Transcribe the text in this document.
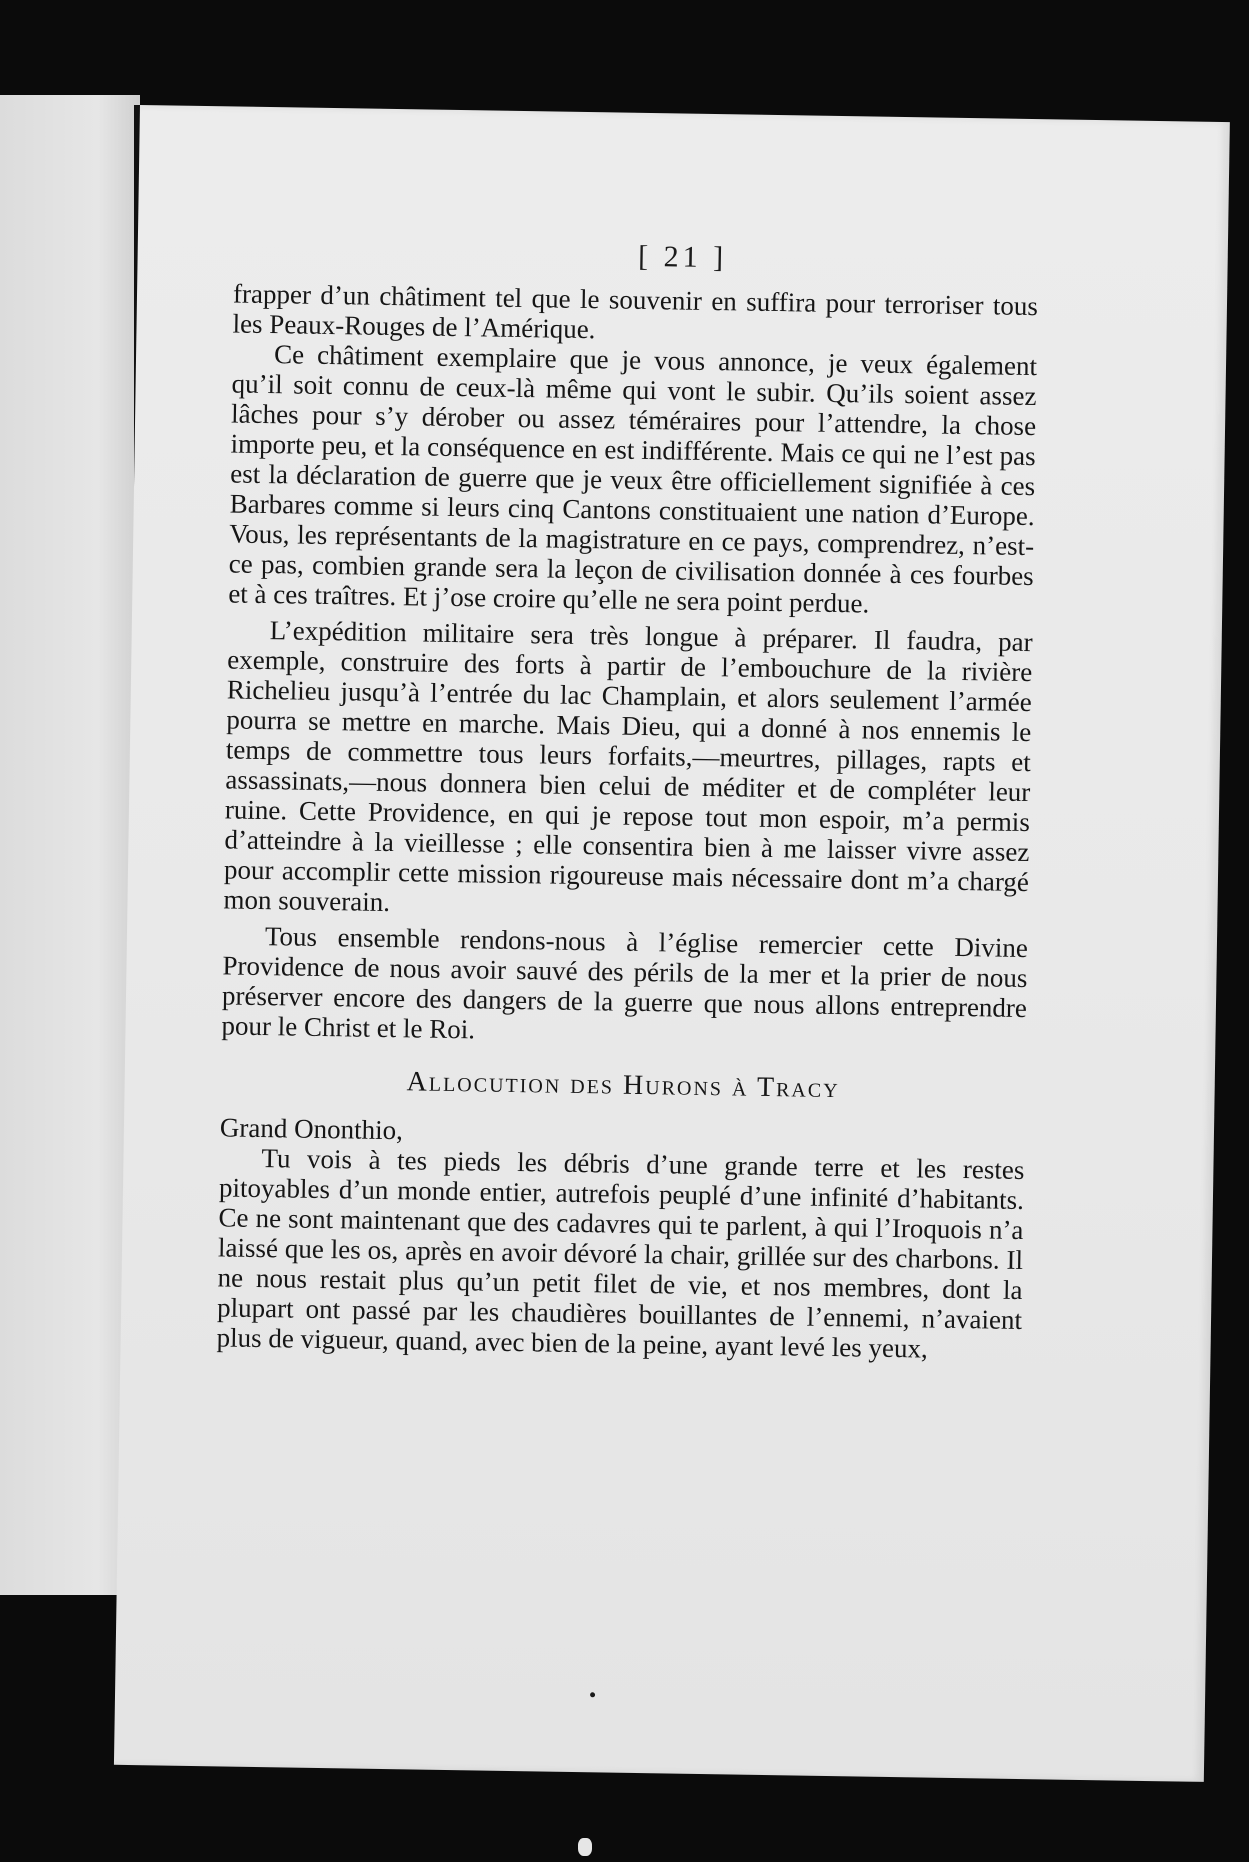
[ 21 ]

frapper d’un châtiment tel que le souvenir en suffira pour terroriser tous les Peaux-Rouges de l’Amérique.

Ce châtiment exemplaire que je vous annonce, je veux également qu’il soit connu de ceux-là même qui vont le subir. Qu’ils soient assez lâches pour s’y dérober ou assez téméraires pour l’attendre, la chose importe peu, et la conséquence en est indifférente. Mais ce qui ne l’est pas est la déclaration de guerre que je veux être officiellement signifiée à ces Barbares comme si leurs cinq Cantons constituaient une nation d’Europe. Vous, les représentants de la magistrature en ce pays, comprendrez, n’est-ce pas, combien grande sera la leçon de civilisation donnée à ces fourbes et à ces traîtres. Et j’ose croire qu’elle ne sera point perdue.

L’expédition militaire sera très longue à préparer. Il faudra, par exemple, construire des forts à partir de l’embouchure de la rivière Richelieu jusqu’à l’entrée du lac Champlain, et alors seulement l’armée pourra se mettre en marche. Mais Dieu, qui a donné à nos ennemis le temps de commettre tous leurs forfaits,—meurtres, pillages, rapts et assassinats,—nous donnera bien celui de méditer et de compléter leur ruine. Cette Providence, en qui je repose tout mon espoir, m’a permis d’atteindre à la vieillesse ; elle consentira bien à me laisser vivre assez pour accomplir cette mission rigoureuse mais nécessaire dont m’a chargé mon souverain.

Tous ensemble rendons-nous à l’église remercier cette Divine Providence de nous avoir sauvé des périls de la mer et la prier de nous préserver encore des dangers de la guerre que nous allons entreprendre pour le Christ et le Roi.

Allocution des Hurons à Tracy

Grand Ononthio,

Tu vois à tes pieds les débris d’une grande terre et les restes pitoyables d’un monde entier, autrefois peuplé d’une infinité d’habitants. Ce ne sont maintenant que des cadavres qui te parlent, à qui l’Iroquois n’a laissé que les os, après en avoir dévoré la chair, grillée sur des charbons. Il ne nous restait plus qu’un petit filet de vie, et nos membres, dont la plupart ont passé par les chaudières bouillantes de l’ennemi, n’avaient plus de vigueur, quand, avec bien de la peine, ayant levé les yeux,
